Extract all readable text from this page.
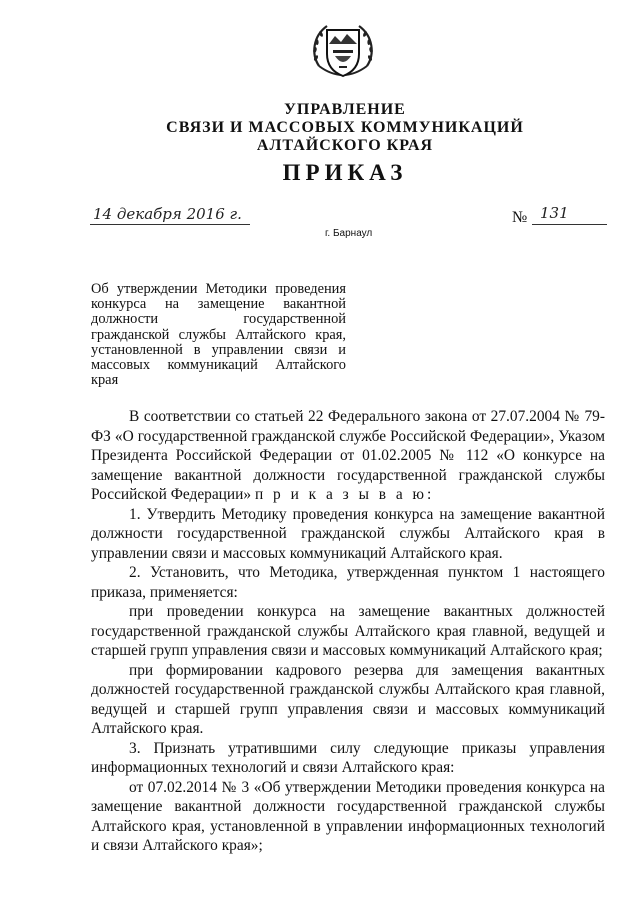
УПРАВЛЕНИЕ
СВЯЗИ И МАССОВЫХ КОММУНИКАЦИЙ
АЛТАЙСКОГО КРАЯ
ПРИКАЗ
14 декабря 2016 г.	№ 131
г. Барнаул
Об утверждении Методики проведения конкурса на замещение вакантной должности государственной гражданской службы Алтайского края, установленной в управлении связи и массовых коммуникаций Алтайского края

В соответствии со статьей 22 Федерального закона от 27.07.2004 № 79-ФЗ «О государственной гражданской службе Российской Федерации», Указом Президента Российской Федерации от 01.02.2005 № 112 «О конкурсе на замещение вакантной должности государственной гражданской службы Российской Федерации» п р и к а з ы в а ю:

1. Утвердить Методику проведения конкурса на замещение вакантной должности государственной гражданской службы Алтайского края в управлении связи и массовых коммуникаций Алтайского края.

2. Установить, что Методика, утвержденная пунктом 1 настоящего приказа, применяется:

при проведении конкурса на замещение вакантных должностей государственной гражданской службы Алтайского края главной, ведущей и старшей групп управления связи и массовых коммуникаций Алтайского края;

при формировании кадрового резерва для замещения вакантных должностей государственной гражданской службы Алтайского края главной, ведущей и старшей групп управления связи и массовых коммуникаций Алтайского края.

3. Признать утратившими силу следующие приказы управления информационных технологий и связи Алтайского края:

от 07.02.2014 № 3 «Об утверждении Методики проведения конкурса на замещение вакантной должности государственной гражданской службы Алтайского края, установленной в управлении информационных технологий и связи Алтайского края»;
